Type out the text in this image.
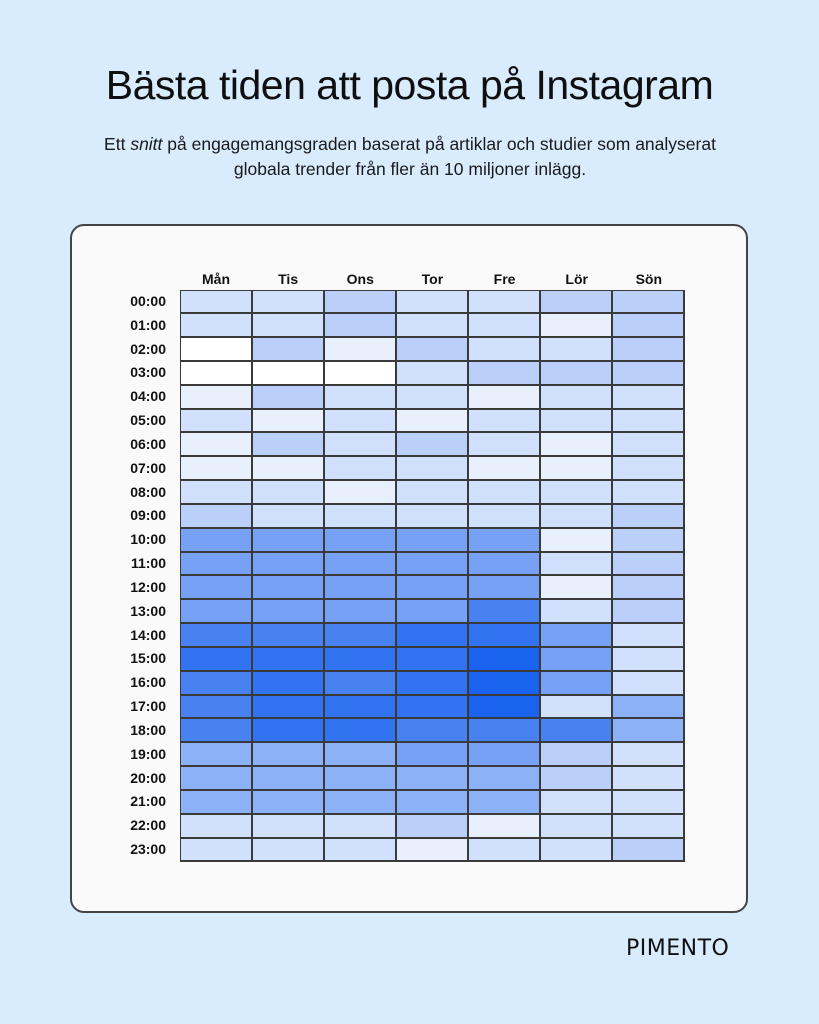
Bästa tiden att posta på Instagram
Ett snitt på engagemangsgraden baserat på artiklar och studier som analyserat globala trender från fler än 10 miljoner inlägg.
Mån	Tis	Ons	Tor	Fre	Lör	Sön
00:00
01:00
02:00
03:00
04:00
05:00
06:00
07:00
08:00
09:00
10:00
11:00
12:00
13:00
14:00
15:00
16:00
17:00
18:00
19:00
20:00
21:00
22:00
23:00
PIMENTO
